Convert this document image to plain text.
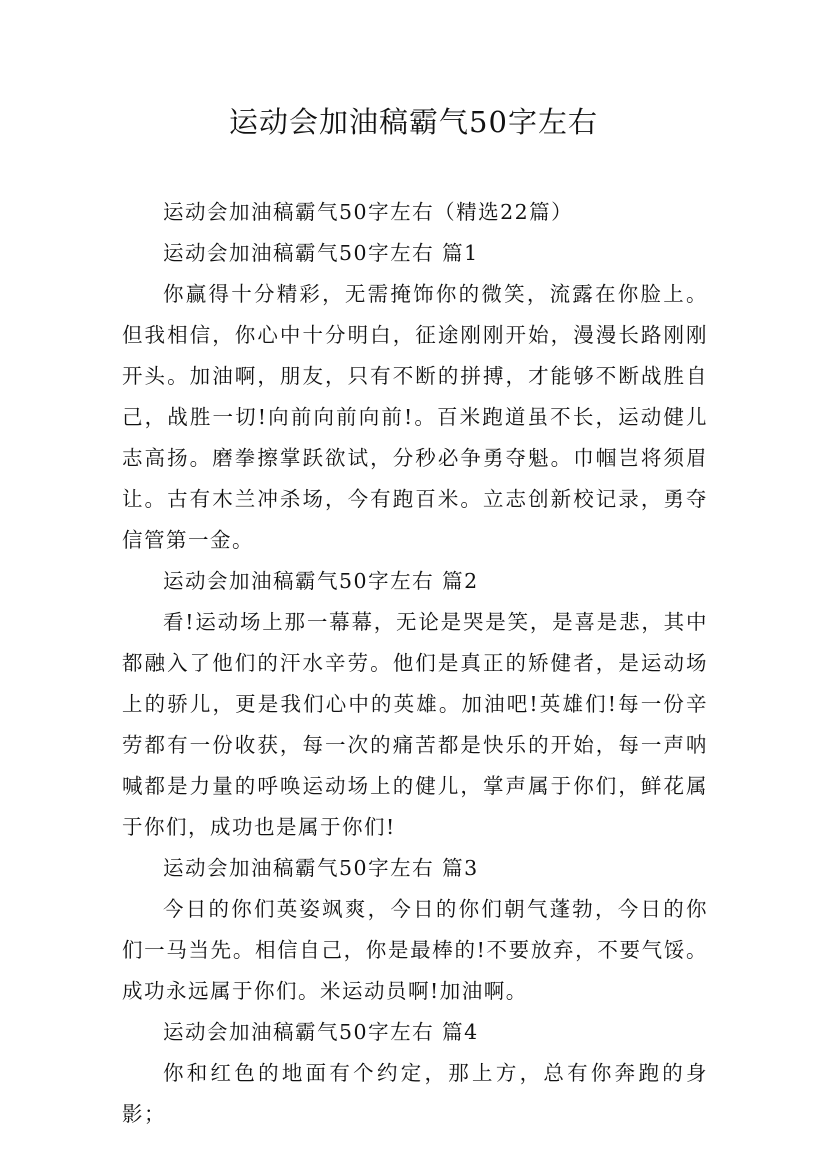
运动会加油稿霸气50字左右

运动会加油稿霸气50字左右（精选22篇）

运动会加油稿霸气50字左右 篇1

你赢得十分精彩，无需掩饰你的微笑，流露在你脸上。但我相信，你心中十分明白，征途刚刚开始，漫漫长路刚刚开头。加油啊，朋友，只有不断的拼搏，才能够不断战胜自己，战胜一切!向前向前向前!。百米跑道虽不长，运动健儿志高扬。磨拳擦掌跃欲试，分秒必争勇夺魁。巾帼岂将须眉让。古有木兰冲杀场，今有跑百米。立志创新校记录，勇夺信管第一金。

运动会加油稿霸气50字左右 篇2

看!运动场上那一幕幕，无论是哭是笑，是喜是悲，其中都融入了他们的汗水辛劳。他们是真正的矫健者，是运动场上的骄儿，更是我们心中的英雄。加油吧!英雄们!每一份辛劳都有一份收获，每一次的痛苦都是快乐的开始，每一声呐喊都是力量的呼唤运动场上的健儿，掌声属于你们，鲜花属于你们，成功也是属于你们!

运动会加油稿霸气50字左右 篇3

今日的你们英姿飒爽，今日的你们朝气蓬勃，今日的你们一马当先。相信自己，你是最棒的!不要放弃，不要气馁。成功永远属于你们。米运动员啊!加油啊。

运动会加油稿霸气50字左右 篇4

你和红色的地面有个约定，那上方，总有你奔跑的身影；
